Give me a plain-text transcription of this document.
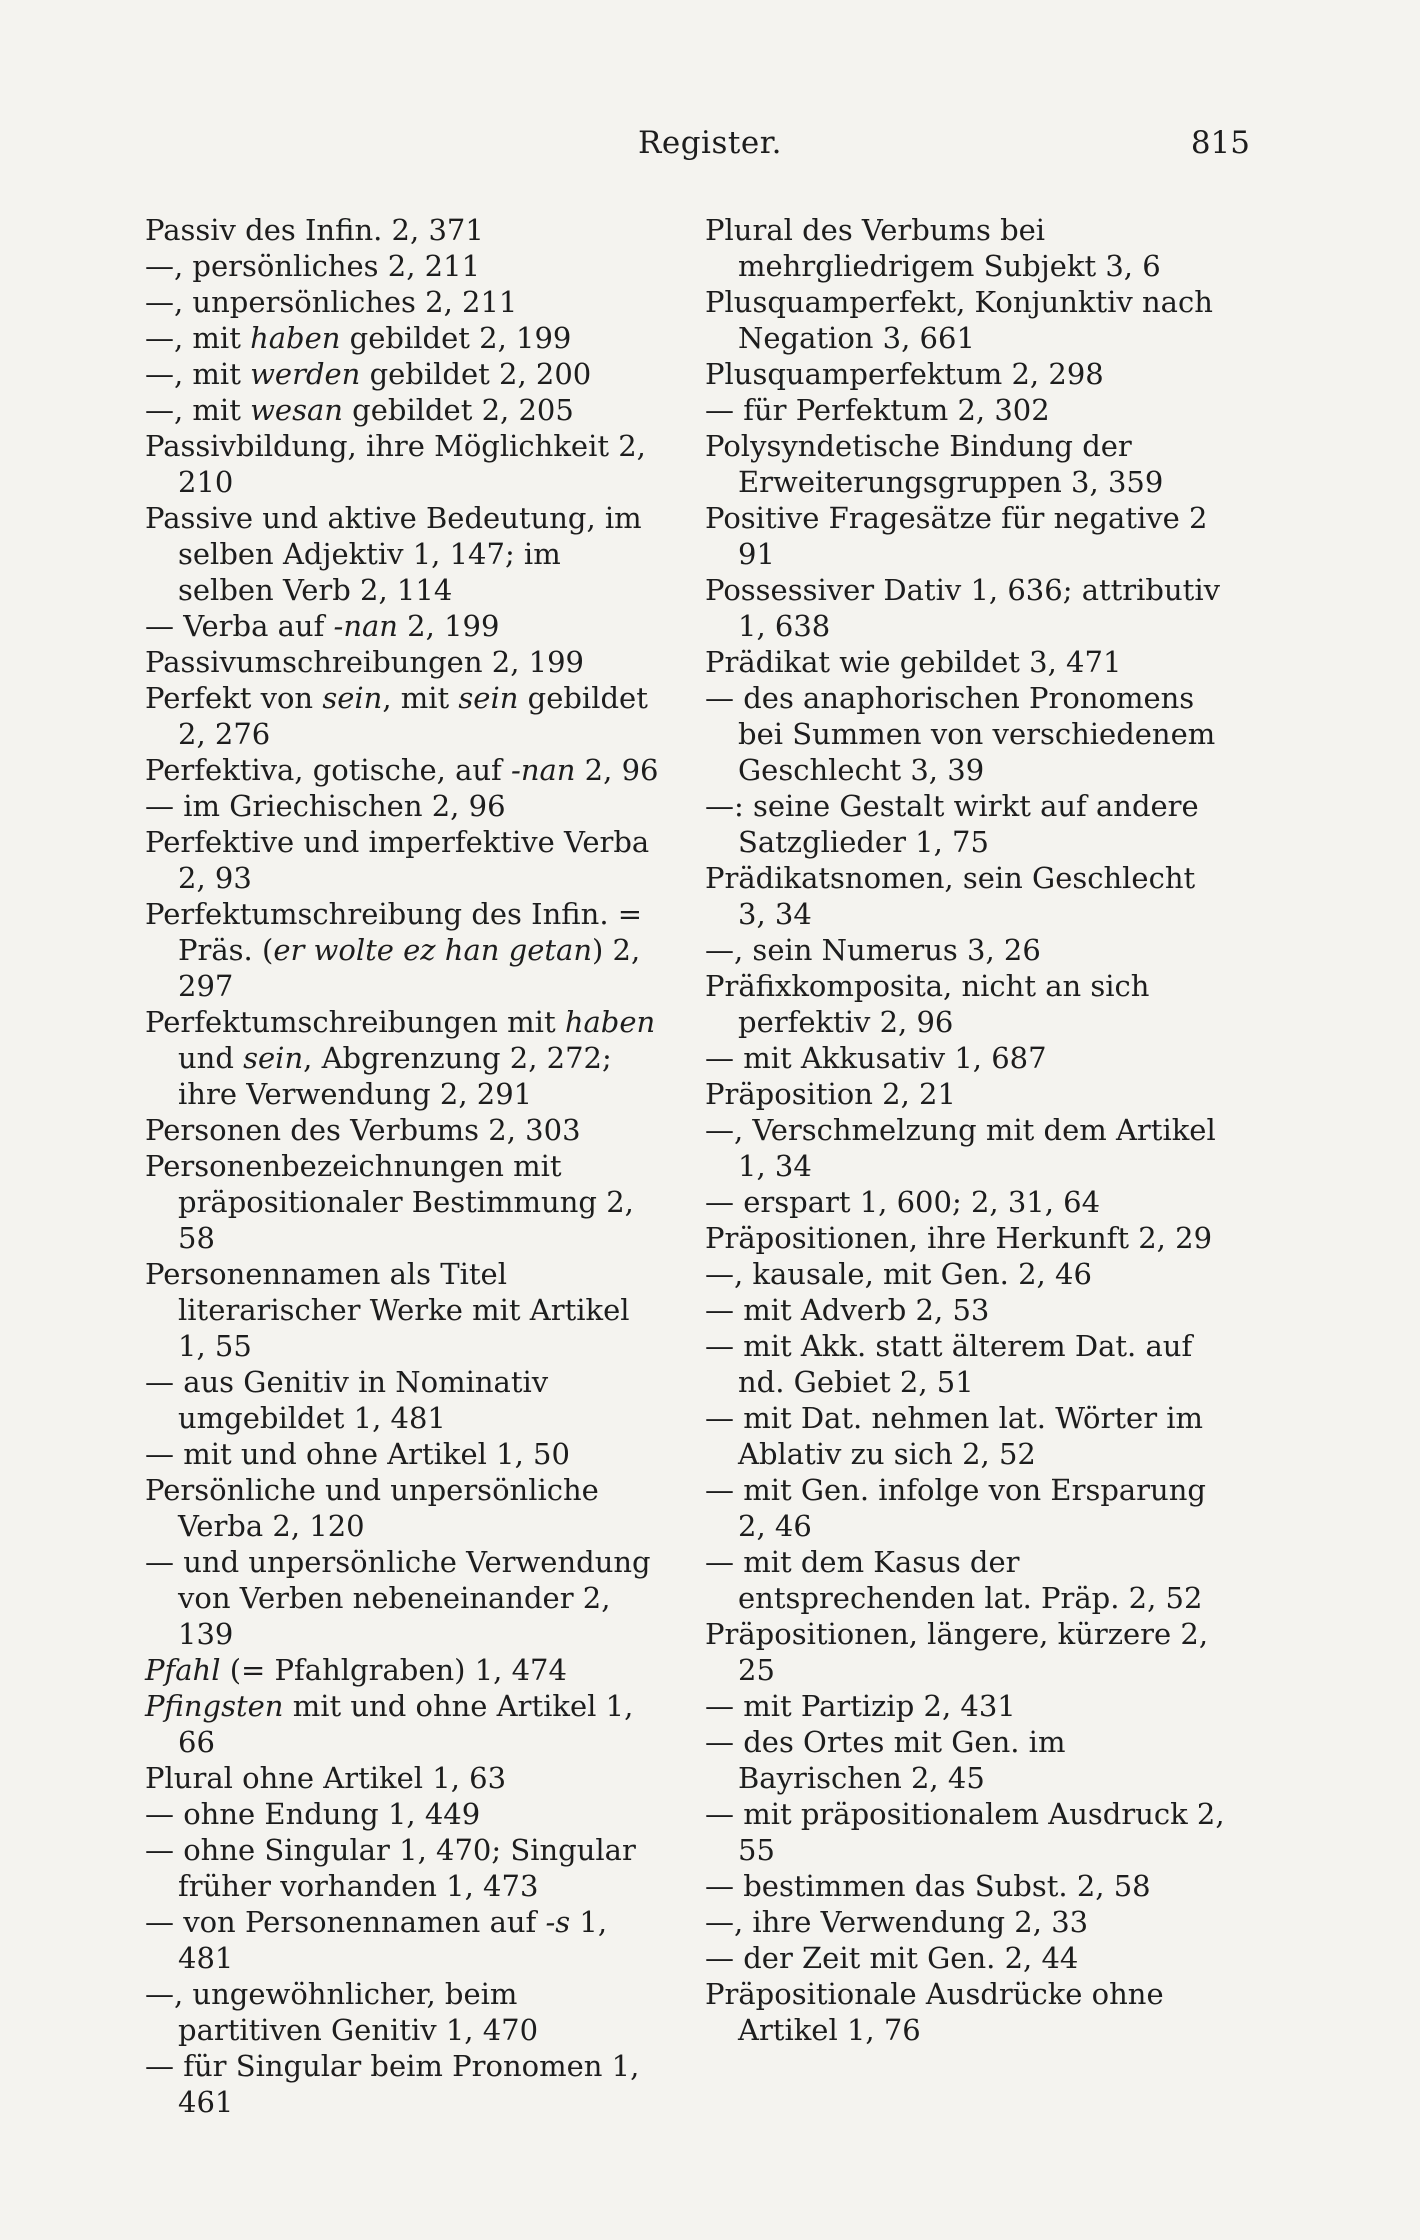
Register.	815

Passiv des Infin. 2, 371

—, persönliches 2, 211

—, unpersönliches 2, 211

—, mit haben gebildet 2, 199

—, mit werden gebildet 2, 200

—, mit wesan gebildet 2, 205

Passivbildung, ihre Möglichkeit 2, 210

Passive und aktive Bedeutung, im selben Adjektiv 1, 147; im selben Verb 2, 114

— Verba auf -nan 2, 199

Passivumschreibungen 2, 199

Perfekt von sein, mit sein gebildet 2, 276

Perfektiva, gotische, auf -nan 2, 96

— im Griechischen 2, 96

Perfektive und imperfektive Verba 2, 93

Perfektumschreibung des Infin. = Präs. (er wolte ez han getan) 2, 297

Perfektumschreibungen mit haben und sein, Abgrenzung 2, 272; ihre Verwendung 2, 291

Personen des Verbums 2, 303

Personenbezeichnungen mit präpositionaler Bestimmung 2, 58

Personennamen als Titel literarischer Werke mit Artikel 1, 55

— aus Genitiv in Nominativ umgebildet 1, 481

— mit und ohne Artikel 1, 50

Persönliche und unpersönliche Verba 2, 120

— und unpersönliche Verwendung von Verben nebeneinander 2, 139

Pfahl (= Pfahlgraben) 1, 474

Pfingsten mit und ohne Artikel 1, 66

Plural ohne Artikel 1, 63

— ohne Endung 1, 449

— ohne Singular 1, 470; Singular früher vorhanden 1, 473

— von Personennamen auf -s 1, 481

—, ungewöhnlicher, beim partitiven Genitiv 1, 470

— für Singular beim Pronomen 1, 461

Plural des Verbums bei mehrgliedrigem Subjekt 3, 6

Plusquamperfekt, Konjunktiv nach Negation 3, 661

Plusquamperfektum 2, 298

— für Perfektum 2, 302

Polysyndetische Bindung der Erweiterungsgruppen 3, 359

Positive Fragesätze für negative 2 91

Possessiver Dativ 1, 636; attributiv 1, 638

Prädikat wie gebildet 3, 471

— des anaphorischen Pronomens bei Summen von verschiedenem Geschlecht 3, 39

—: seine Gestalt wirkt auf andere Satzglieder 1, 75

Prädikatsnomen, sein Geschlecht 3, 34

—, sein Numerus 3, 26

Präfixkomposita, nicht an sich perfektiv 2, 96

— mit Akkusativ 1, 687

Präposition 2, 21

—, Verschmelzung mit dem Artikel 1, 34

— erspart 1, 600; 2, 31, 64

Präpositionen, ihre Herkunft 2, 29

—, kausale, mit Gen. 2, 46

— mit Adverb 2, 53

— mit Akk. statt älterem Dat. auf nd. Gebiet 2, 51

— mit Dat. nehmen lat. Wörter im Ablativ zu sich 2, 52

— mit Gen. infolge von Ersparung 2, 46

— mit dem Kasus der entsprechenden lat. Präp. 2, 52

Präpositionen, längere, kürzere 2, 25

— mit Partizip 2, 431

— des Ortes mit Gen. im Bayrischen 2, 45

— mit präpositionalem Ausdruck 2, 55

— bestimmen das Subst. 2, 58

—, ihre Verwendung 2, 33

— der Zeit mit Gen. 2, 44

Präpositionale Ausdrücke ohne Artikel 1, 76
